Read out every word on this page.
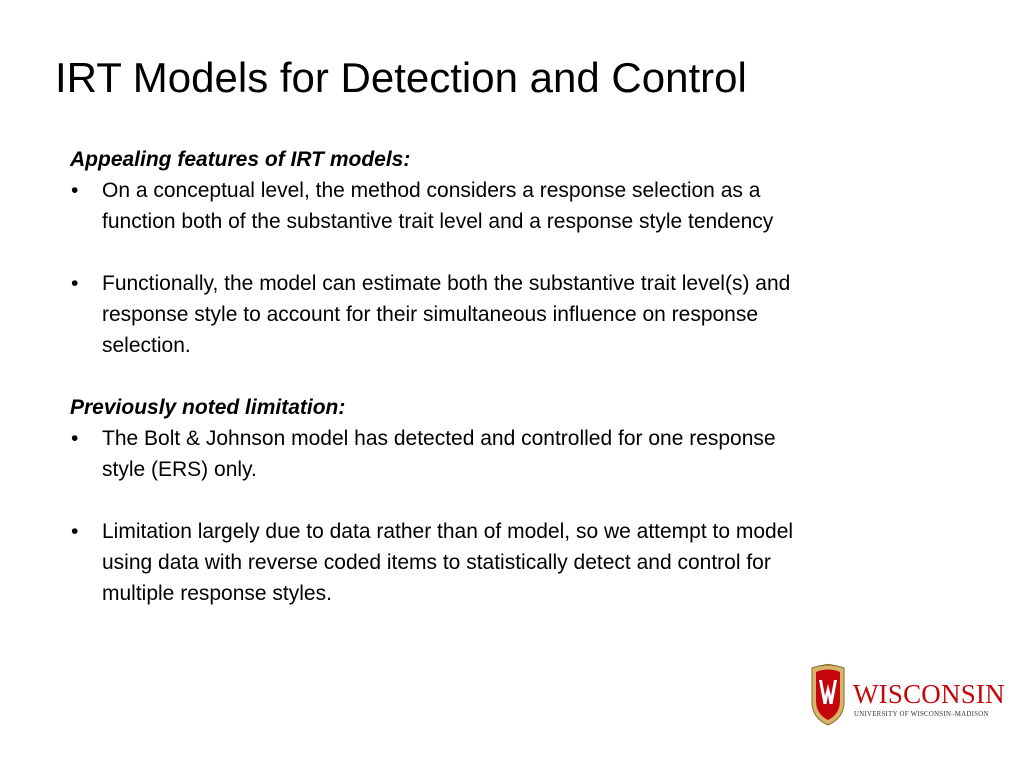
IRT Models for Detection and Control
Appealing features of IRT models:
• On a conceptual level, the method considers a response selection as a
function both of the substantive trait level and a response style tendency
• Functionally, the model can estimate both the substantive trait level(s) and
response style to account for their simultaneous influence on response
selection.
Previously noted limitation:
• The Bolt & Johnson model has detected and controlled for one response
style (ERS) only.
• Limitation largely due to data rather than of model, so we attempt to model
using data with reverse coded items to statistically detect and control for
multiple response styles.
WISCONSIN
UNIVERSITY OF WISCONSIN–MADISON
